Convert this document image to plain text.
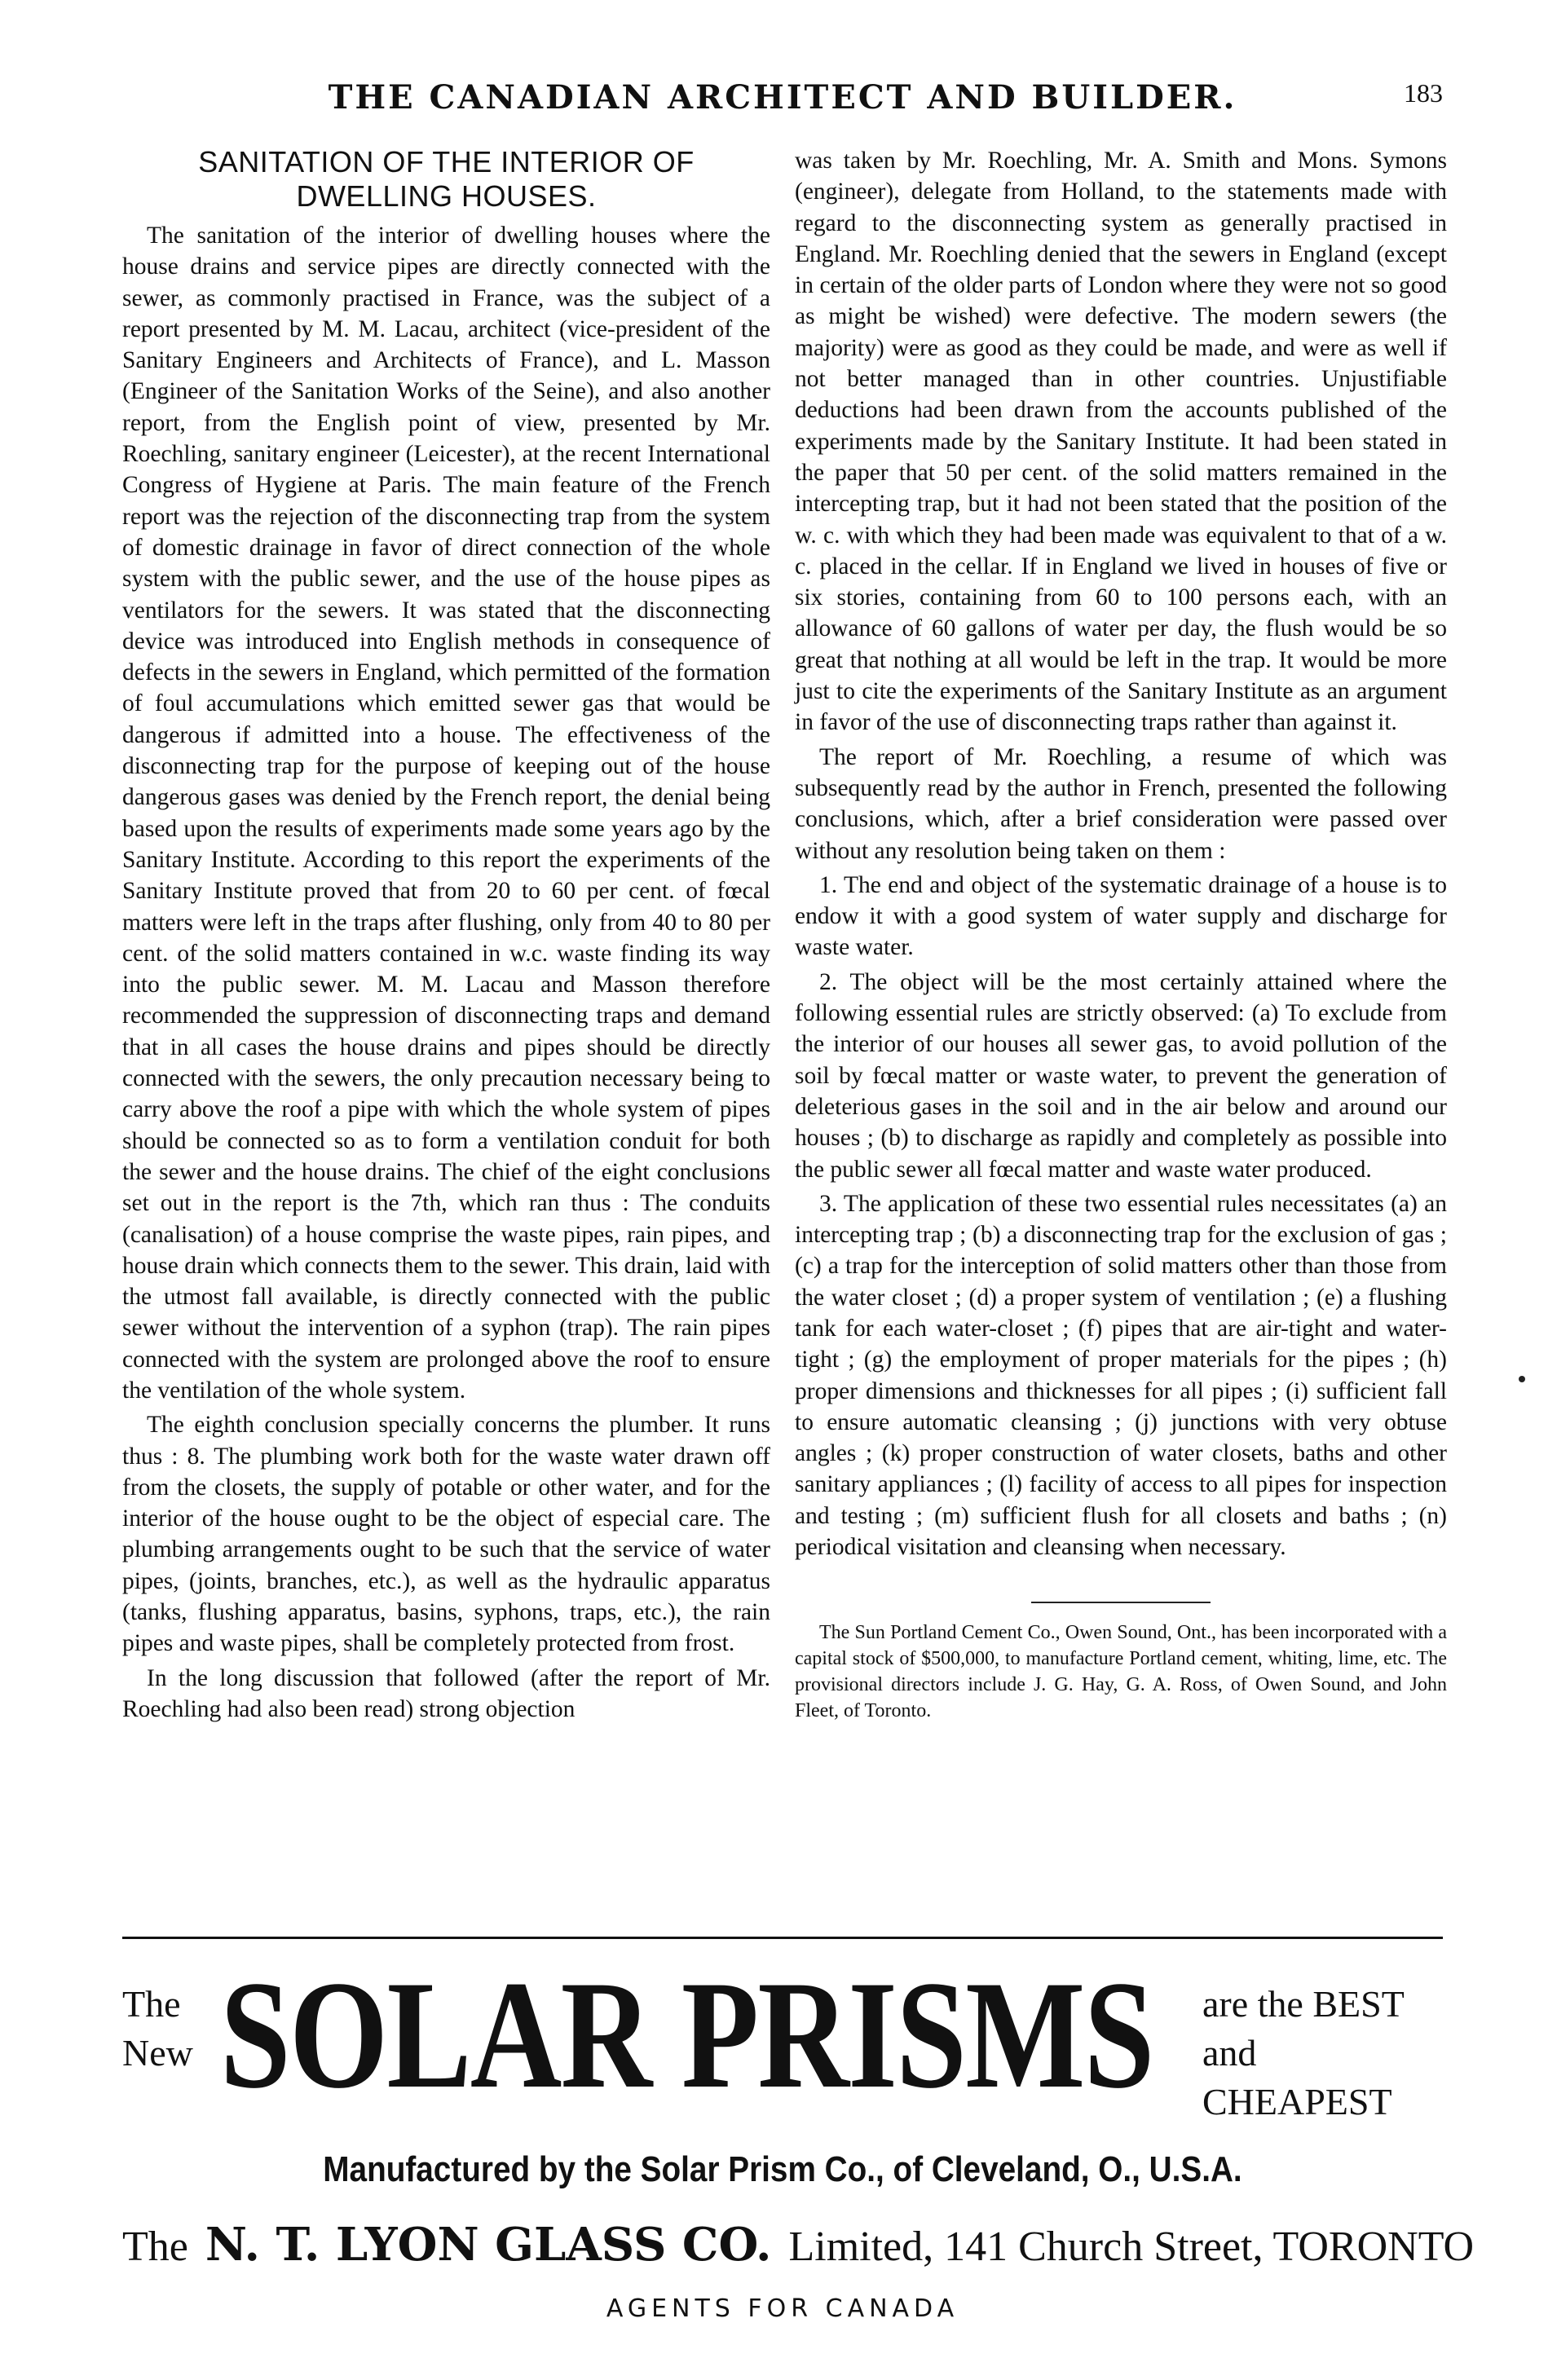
THE CANADIAN ARCHITECT AND BUILDER.	183
SANITATION OF THE INTERIOR OF DWELLING HOUSES.

The sanitation of the interior of dwelling houses where the house drains and service pipes are directly connected with the sewer, as commonly practised in France, was the subject of a report presented by M. M. Lacau, architect (vice-president of the Sanitary Engineers and Architects of France), and L. Masson (Engineer of the Sanitation Works of the Seine), and also another report, from the English point of view, presented by Mr. Roechling, sanitary engineer (Leicester), at the recent International Congress of Hygiene at Paris. The main feature of the French report was the rejection of the disconnecting trap from the system of domestic drainage in favor of direct connection of the whole system with the public sewer, and the use of the house pipes as ventilators for the sewers. It was stated that the disconnecting device was introduced into English methods in consequence of defects in the sewers in England, which permitted of the formation of foul accumulations which emitted sewer gas that would be dangerous if admitted into a house. The effectiveness of the disconnecting trap for the purpose of keeping out of the house dangerous gases was denied by the French report, the denial being based upon the results of experiments made some years ago by the Sanitary Institute. According to this report the experiments of the Sanitary Institute proved that from 20 to 60 per cent. of fœcal matters were left in the traps after flushing, only from 40 to 80 per cent. of the solid matters contained in w.c. waste finding its way into the public sewer. M. M. Lacau and Masson therefore recommended the suppression of disconnecting traps and demand that in all cases the house drains and pipes should be directly connected with the sewers, the only precaution necessary being to carry above the roof a pipe with which the whole system of pipes should be connected so as to form a ventilation conduit for both the sewer and the house drains. The chief of the eight conclusions set out in the report is the 7th, which ran thus : The conduits (canalisation) of a house comprise the waste pipes, rain pipes, and house drain which connects them to the sewer. This drain, laid with the utmost fall available, is directly connected with the public sewer without the intervention of a syphon (trap). The rain pipes connected with the system are prolonged above the roof to ensure the ventilation of the whole system.

The eighth conclusion specially concerns the plumber. It runs thus : 8. The plumbing work both for the waste water drawn off from the closets, the supply of potable or other water, and for the interior of the house ought to be the object of especial care. The plumbing arrangements ought to be such that the service of water pipes, (joints, branches, etc.), as well as the hydraulic apparatus (tanks, flushing apparatus, basins, syphons, traps, etc.), the rain pipes and waste pipes, shall be completely protected from frost.

In the long discussion that followed (after the report of Mr. Roechling had also been read) strong objection

was taken by Mr. Roechling, Mr. A. Smith and Mons. Symons (engineer), delegate from Holland, to the statements made with regard to the disconnecting system as generally practised in England. Mr. Roechling denied that the sewers in England (except in certain of the older parts of London where they were not so good as might be wished) were defective. The modern sewers (the majority) were as good as they could be made, and were as well if not better managed than in other countries. Unjustifiable deductions had been drawn from the accounts published of the experiments made by the Sanitary Institute. It had been stated in the paper that 50 per cent. of the solid matters remained in the intercepting trap, but it had not been stated that the position of the w. c. with which they had been made was equivalent to that of a w. c. placed in the cellar. If in England we lived in houses of five or six stories, containing from 60 to 100 persons each, with an allowance of 60 gallons of water per day, the flush would be so great that nothing at all would be left in the trap. It would be more just to cite the experiments of the Sanitary Institute as an argument in favor of the use of disconnecting traps rather than against it.

The report of Mr. Roechling, a resume of which was subsequently read by the author in French, presented the following conclusions, which, after a brief consideration were passed over without any resolution being taken on them :

1. The end and object of the systematic drainage of a house is to endow it with a good system of water supply and discharge for waste water.

2. The object will be the most certainly attained where the following essential rules are strictly observed: (a) To exclude from the interior of our houses all sewer gas, to avoid pollution of the soil by fœcal matter or waste water, to prevent the generation of deleterious gases in the soil and in the air below and around our houses ; (b) to discharge as rapidly and completely as possible into the public sewer all fœcal matter and waste water produced.

3. The application of these two essential rules necessitates (a) an intercepting trap ; (b) a disconnecting trap for the exclusion of gas ; (c) a trap for the interception of solid matters other than those from the water closet ; (d) a proper system of ventilation ; (e) a flushing tank for each water-closet ; (f) pipes that are air-tight and water-tight ; (g) the employment of proper materials for the pipes ; (h) proper dimensions and thicknesses for all pipes ; (i) sufficient fall to ensure automatic cleansing ; (j) junctions with very obtuse angles ; (k) proper construction of water closets, baths and other sanitary appliances ; (l) facility of access to all pipes for inspection and testing ; (m) sufficient flush for all closets and baths ; (n) periodical visitation and cleansing when necessary.

The Sun Portland Cement Co., Owen Sound, Ont., has been incorporated with a capital stock of $500,000, to manufacture Portland cement, whiting, lime, etc. The provisional directors include J. G. Hay, G. A. Ross, of Owen Sound, and John Fleet, of Toronto.

The
New SOLAR PRISMS are the BEST
and CHEAPEST
Manufactured by the Solar Prism Co., of Cleveland, O., U.S.A.
The N. T. LYON GLASS CO. Limited, 141 Church Street, TORONTO
AGENTS FOR CANADA
